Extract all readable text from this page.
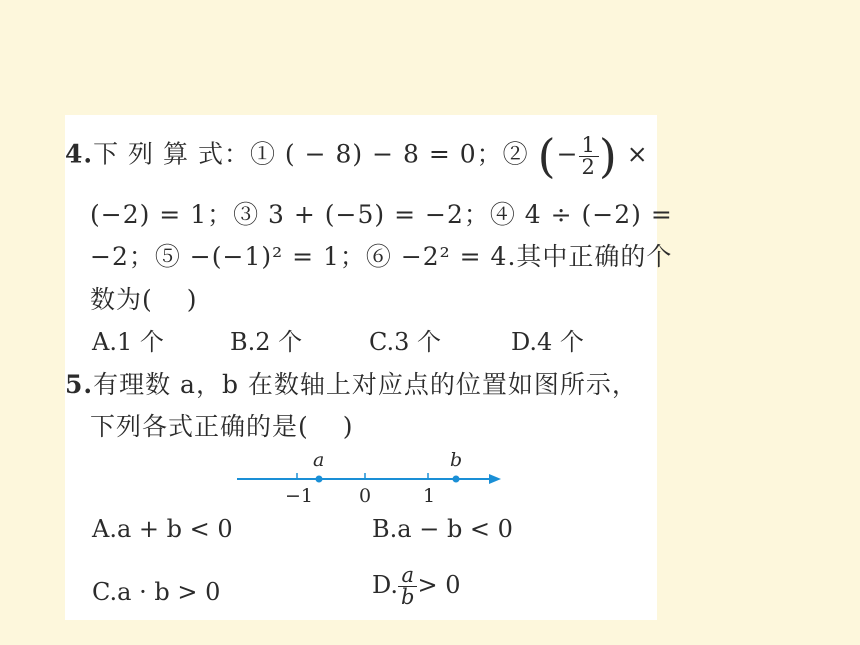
4.下 列 算 式：① ( − 8) − 8 = 0；② (− $\frac{1}{2}$ ) ×
(−2) = 1；③ 3 + (−5) = −2；④ 4 ÷ (−2) =
−2；⑤ −(−1)² = 1；⑥ −2² = 4.其中正确的个
数为( )
A.1 个	B.2 个	C.3 个	D.4 个
5.有理数 a，b 在数轴上对应点的位置如图所示，
下列各式正确的是( )
a	b
−1 0	1
A.a + b < 0	B.a − b < 0
C.a · b > 0	D. $\frac{a}{b} > 0$
